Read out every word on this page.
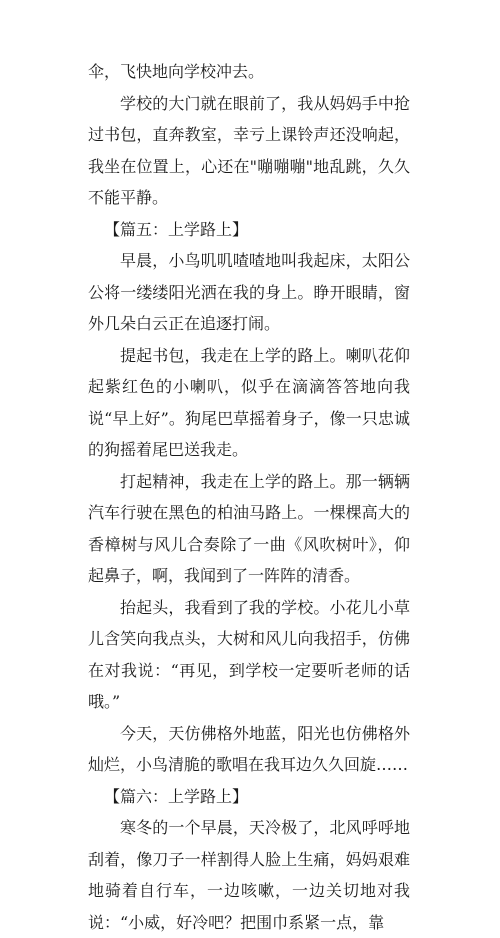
伞，飞快地向学校冲去。

学校的大门就在眼前了，我从妈妈手中抢过书包，直奔教室，幸亏上课铃声还没响起，我坐在位置上，心还在"嘣嘣嘣"地乱跳，久久不能平静。

【篇五：上学路上】

早晨，小鸟叽叽喳喳地叫我起床，太阳公公将一缕缕阳光洒在我的身上。睁开眼睛，窗外几朵白云正在追逐打闹。

提起书包，我走在上学的路上。喇叭花仰起紫红色的小喇叭，似乎在滴滴答答地向我说“早上好”。狗尾巴草摇着身子，像一只忠诚的狗摇着尾巴送我走。

打起精神，我走在上学的路上。那一辆辆汽车行驶在黑色的柏油马路上。一棵棵高大的香樟树与风儿合奏除了一曲《风吹树叶》，仰起鼻子，啊，我闻到了一阵阵的清香。

抬起头，我看到了我的学校。小花儿小草儿含笑向我点头，大树和风儿向我招手，仿佛在对我说：“再见，到学校一定要听老师的话哦。”

今天，天仿佛格外地蓝，阳光也仿佛格外灿烂，小鸟清脆的歌唱在我耳边久久回旋……

【篇六：上学路上】

寒冬的一个早晨，天冷极了，北风呼呼地刮着，像刀子一样割得人脸上生痛，妈妈艰难地骑着自行车，一边咳嗽，一边关切地对我说：“小威，好冷吧？把围巾系紧一点，靠
